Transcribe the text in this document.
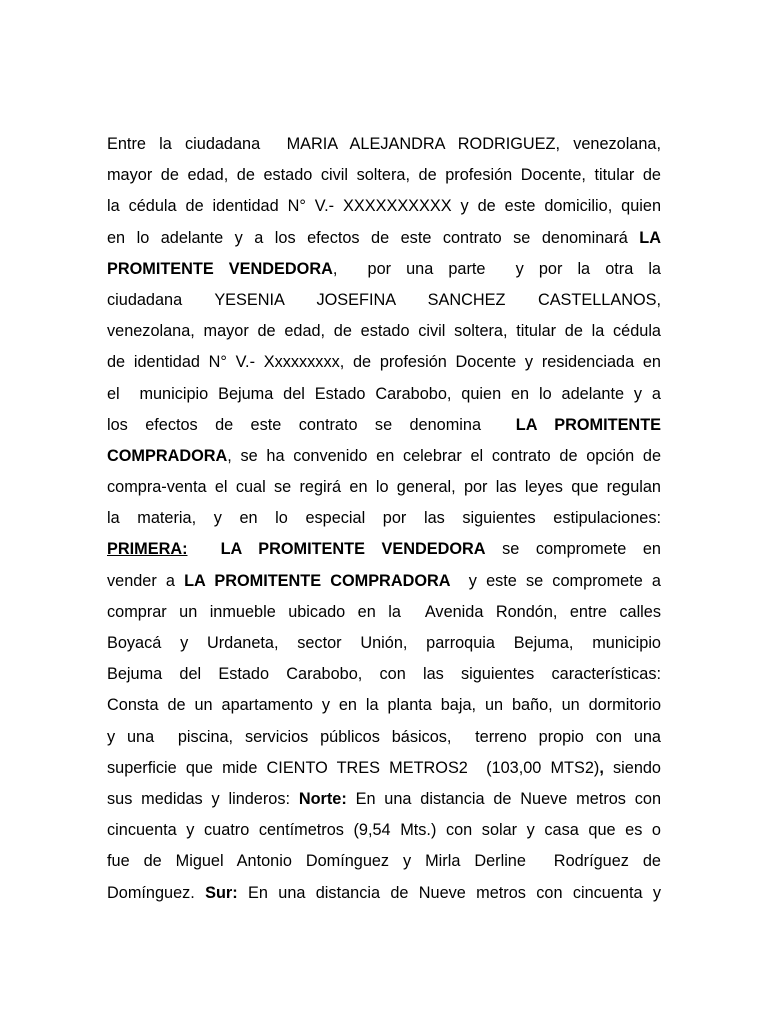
Entre la ciudadana  MARIA ALEJANDRA RODRIGUEZ, venezolana,
mayor de edad, de estado civil soltera, de profesión Docente, titular de
la cédula de identidad N° V.- XXXXXXXXXX y de este domicilio, quien
en lo adelante y a los efectos de este contrato se denominará LA
PROMITENTE VENDEDORA,  por una parte  y por la otra la
ciudadana YESENIA JOSEFINA SANCHEZ CASTELLANOS,
venezolana, mayor de edad, de estado civil soltera, titular de la cédula
de identidad N° V.- Xxxxxxxxx, de profesión Docente y residenciada en
el  municipio Bejuma del Estado Carabobo, quien en lo adelante y a
los efectos de este contrato se denomina  LA PROMITENTE
COMPRADORA, se ha convenido en celebrar el contrato de opción de
compra-venta el cual se regirá en lo general, por las leyes que regulan
la materia, y en lo especial por las siguientes estipulaciones:
PRIMERA:  LA PROMITENTE VENDEDORA se compromete en
vender a LA PROMITENTE COMPRADORA  y este se compromete a
comprar un inmueble ubicado en la  Avenida Rondón, entre calles
Boyacá y Urdaneta, sector Unión, parroquia Bejuma, municipio
Bejuma del Estado Carabobo, con las siguientes características:
Consta de un apartamento y en la planta baja, un baño, un dormitorio
y una  piscina, servicios públicos básicos,  terreno propio con una
superficie que mide CIENTO TRES METROS2  (103,00 MTS2), siendo
sus medidas y linderos: Norte: En una distancia de Nueve metros con
cincuenta y cuatro centímetros (9,54 Mts.) con solar y casa que es o
fue de Miguel Antonio Domínguez y Mirla Derline  Rodríguez de
Domínguez. Sur: En una distancia de Nueve metros con cincuenta y
